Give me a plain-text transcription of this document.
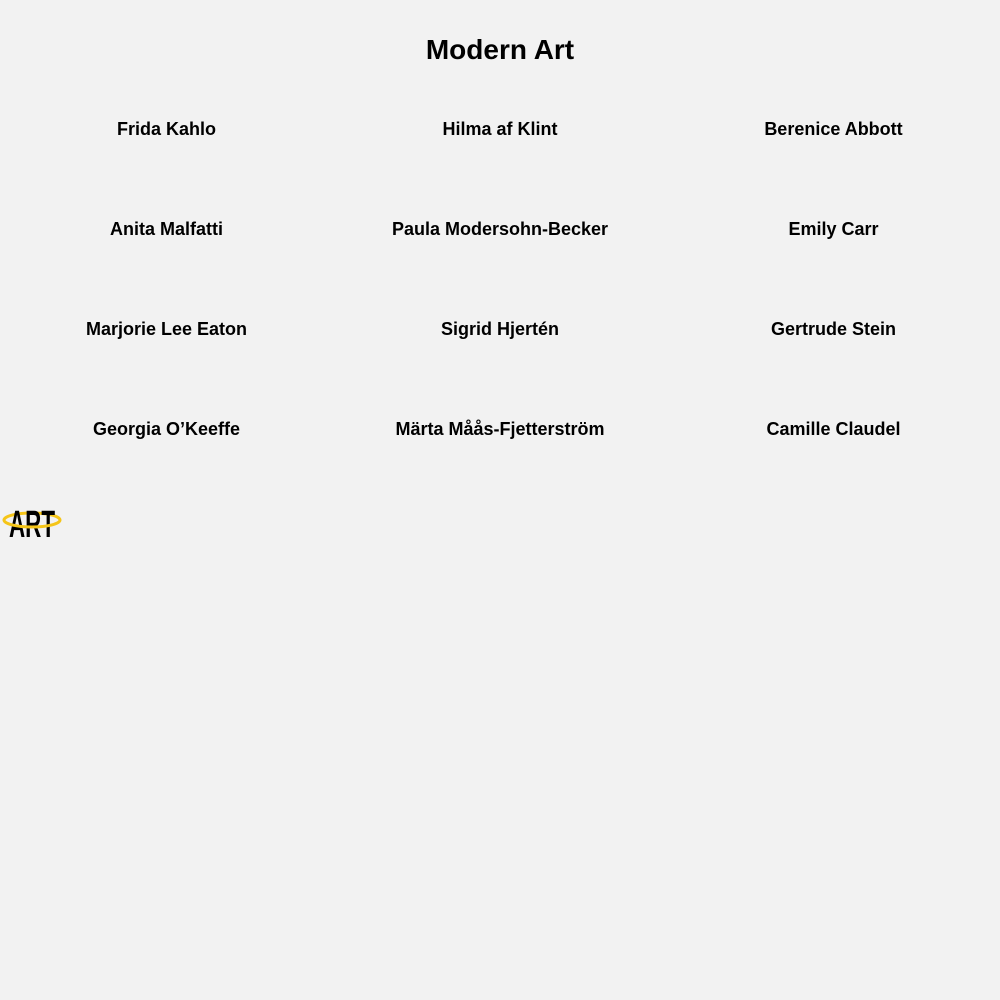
Modern Art
Frida Kahlo	Hilma af Klint	Berenice Abbott
Anita Malfatti	Paula Modersohn-Becker	Emily Carr
Marjorie Lee Eaton	Sigrid Hjertén	Gertrude Stein
Georgia O’Keeffe	Märta Måås-Fjetterström	Camille Claudel
ART
